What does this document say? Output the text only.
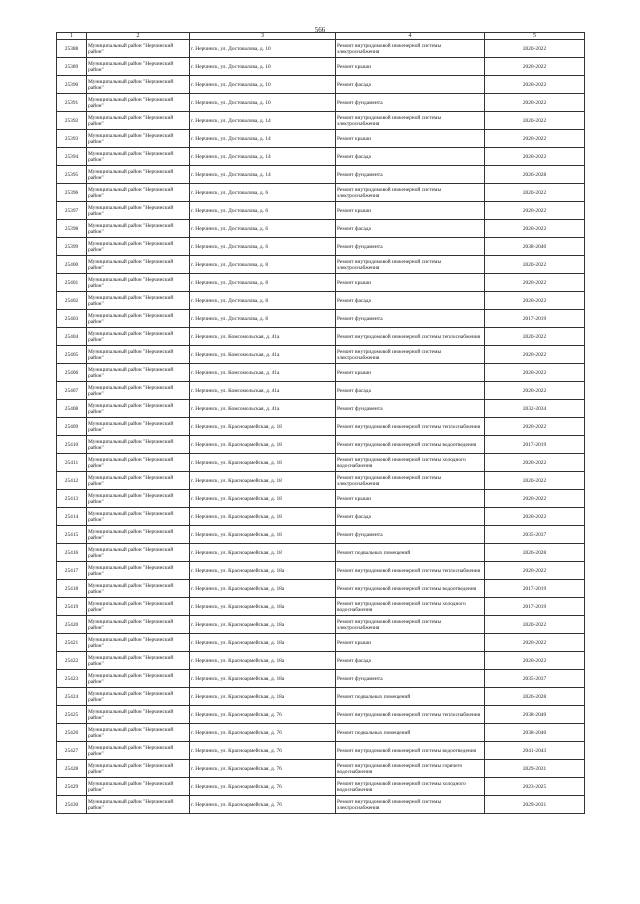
566
1	2	3	4	5
25388	Муниципальный район "Нерчинский район"	г. Нерчинск, ул. Достовалова, д. 10	Ремонт внутридомовой инженерной системы электроснабжения	2020-2022
25389	Муниципальный район "Нерчинский район"	г. Нерчинск, ул. Достовалова, д. 10	Ремонт крыши	2020-2022
25390	Муниципальный район "Нерчинский район"	г. Нерчинск, ул. Достовалова, д. 10	Ремонт фасада	2020-2022
25391	Муниципальный район "Нерчинский район"	г. Нерчинск, ул. Достовалова, д. 10	Ремонт фундамента	2020-2022
25392	Муниципальный район "Нерчинский район"	г. Нерчинск, ул. Достовалова, д. 14	Ремонт внутридомовой инженерной системы электроснабжения	2020-2022
25393	Муниципальный район "Нерчинский район"	г. Нерчинск, ул. Достовалова, д. 14	Ремонт крыши	2020-2022
25394	Муниципальный район "Нерчинский район"	г. Нерчинск, ул. Достовалова, д. 14	Ремонт фасада	2020-2022
25395	Муниципальный район "Нерчинский район"	г. Нерчинск, ул. Достовалова, д. 14	Ремонт фундамента	2026-2028
25396	Муниципальный район "Нерчинский район"	г. Нерчинск, ул. Достовалова, д. 6	Ремонт внутридомовой инженерной системы электроснабжения	2020-2022
25397	Муниципальный район "Нерчинский район"	г. Нерчинск, ул. Достовалова, д. 6	Ремонт крыши	2020-2022
25398	Муниципальный район "Нерчинский район"	г. Нерчинск, ул. Достовалова, д. 6	Ремонт фасада	2020-2022
25399	Муниципальный район "Нерчинский район"	г. Нерчинск, ул. Достовалова, д. 6	Ремонт фундамента	2038-2040
25400	Муниципальный район "Нерчинский район"	г. Нерчинск, ул. Достовалова, д. 8	Ремонт внутридомовой инженерной системы электроснабжения	2020-2022
25401	Муниципальный район "Нерчинский район"	г. Нерчинск, ул. Достовалова, д. 8	Ремонт крыши	2020-2022
25402	Муниципальный район "Нерчинский район"	г. Нерчинск, ул. Достовалова, д. 8	Ремонт фасада	2020-2022
25403	Муниципальный район "Нерчинский район"	г. Нерчинск, ул. Достовалова, д. 8	Ремонт фундамента	2017-2019
25404	Муниципальный район "Нерчинский район"	г. Нерчинск, ул. Комсомольская, д. 41а	Ремонт внутридомовой инженерной системы теплоснабжения	2020-2022
25405	Муниципальный район "Нерчинский район"	г. Нерчинск, ул. Комсомольская, д. 41а	Ремонт внутридомовой инженерной системы электроснабжения	2020-2022
25406	Муниципальный район "Нерчинский район"	г. Нерчинск, ул. Комсомольская, д. 41а	Ремонт крыши	2020-2022
25407	Муниципальный район "Нерчинский район"	г. Нерчинск, ул. Комсомольская, д. 41а	Ремонт фасада	2020-2022
25408	Муниципальный район "Нерчинский район"	г. Нерчинск, ул. Комсомольская, д. 41а	Ремонт фундамента	2032-2034
25409	Муниципальный район "Нерчинский район"	г. Нерчинск, ул. Красноармейская, д. 18	Ремонт внутридомовой инженерной системы теплоснабжения	2020-2022
25410	Муниципальный район "Нерчинский район"	г. Нерчинск, ул. Красноармейская, д. 18	Ремонт внутридомовой инженерной системы водоотведения	2017-2019
25411	Муниципальный район "Нерчинский район"	г. Нерчинск, ул. Красноармейская, д. 18	Ремонт внутридомовой инженерной системы холодного водоснабжения	2020-2022
25412	Муниципальный район "Нерчинский район"	г. Нерчинск, ул. Красноармейская, д. 18	Ремонт внутридомовой инженерной системы электроснабжения	2020-2022
25413	Муниципальный район "Нерчинский район"	г. Нерчинск, ул. Красноармейская, д. 18	Ремонт крыши	2020-2022
25414	Муниципальный район "Нерчинский район"	г. Нерчинск, ул. Красноармейская, д. 18	Ремонт фасада	2020-2022
25415	Муниципальный район "Нерчинский район"	г. Нерчинск, ул. Красноармейская, д. 18	Ремонт фундамента	2035-2037
25416	Муниципальный район "Нерчинский район"	г. Нерчинск, ул. Красноармейская, д. 18	Ремонт подвальных помещений	2026-2028
25417	Муниципальный район "Нерчинский район"	г. Нерчинск, ул. Красноармейская, д. 18а	Ремонт внутридомовой инженерной системы теплоснабжения	2020-2022
25418	Муниципальный район "Нерчинский район"	г. Нерчинск, ул. Красноармейская, д. 18а	Ремонт внутридомовой инженерной системы водоотведения	2017-2019
25419	Муниципальный район "Нерчинский район"	г. Нерчинск, ул. Красноармейская, д. 18а	Ремонт внутридомовой инженерной системы холодного водоснабжения	2017-2019
25420	Муниципальный район "Нерчинский район"	г. Нерчинск, ул. Красноармейская, д. 18а	Ремонт внутридомовой инженерной системы электроснабжения	2020-2022
25421	Муниципальный район "Нерчинский район"	г. Нерчинск, ул. Красноармейская, д. 18а	Ремонт крыши	2020-2022
25422	Муниципальный район "Нерчинский район"	г. Нерчинск, ул. Красноармейская, д. 18а	Ремонт фасада	2020-2022
25423	Муниципальный район "Нерчинский район"	г. Нерчинск, ул. Красноармейская, д. 18а	Ремонт фундамента	2035-2037
25424	Муниципальный район "Нерчинский район"	г. Нерчинск, ул. Красноармейская, д. 18а	Ремонт подвальных помещений	2026-2028
25425	Муниципальный район "Нерчинский район"	г. Нерчинск, ул. Красноармейская, д. 76	Ремонт внутридомовой инженерной системы теплоснабжения	2038-2040
25426	Муниципальный район "Нерчинский район"	г. Нерчинск, ул. Красноармейская, д. 76	Ремонт подвальных помещений	2038-2040
25427	Муниципальный район "Нерчинский район"	г. Нерчинск, ул. Красноармейская, д. 76	Ремонт внутридомовой инженерной системы водоотведения	2041-2043
25428	Муниципальный район "Нерчинский район"	г. Нерчинск, ул. Красноармейская, д. 76	Ремонт внутридомовой инженерной системы горячего водоснабжения	2029-2031
25429	Муниципальный район "Нерчинский район"	г. Нерчинск, ул. Красноармейская, д. 76	Ремонт внутридомовой инженерной системы холодного водоснабжения	2023-2025
25430	Муниципальный район "Нерчинский район"	г. Нерчинск, ул. Красноармейская, д. 76	Ремонт внутридомовой инженерной системы электроснабжения	2029-2031
